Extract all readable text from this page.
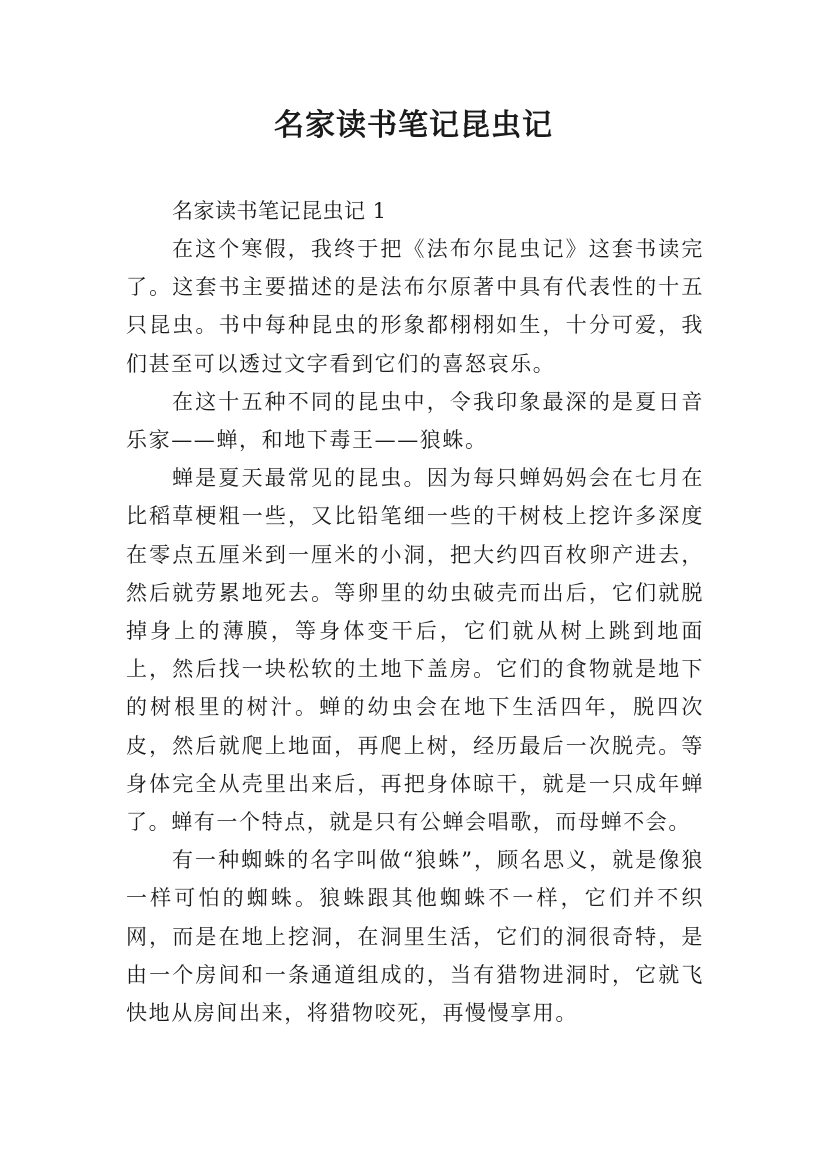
名家读书笔记昆虫记

名家读书笔记昆虫记 1

在这个寒假，我终于把《法布尔昆虫记》这套书读完了。这套书主要描述的是法布尔原著中具有代表性的十五只昆虫。书中每种昆虫的形象都栩栩如生，十分可爱，我们甚至可以透过文字看到它们的喜怒哀乐。

在这十五种不同的昆虫中，令我印象最深的是夏日音乐家——蝉，和地下毒王——狼蛛。

蝉是夏天最常见的昆虫。因为每只蝉妈妈会在七月在比稻草梗粗一些，又比铅笔细一些的干树枝上挖许多深度在零点五厘米到一厘米的小洞，把大约四百枚卵产进去，然后就劳累地死去。等卵里的幼虫破壳而出后，它们就脱掉身上的薄膜，等身体变干后，它们就从树上跳到地面上，然后找一块松软的土地下盖房。它们的食物就是地下的树根里的树汁。蝉的幼虫会在地下生活四年，脱四次皮，然后就爬上地面，再爬上树，经历最后一次脱壳。等身体完全从壳里出来后，再把身体晾干，就是一只成年蝉了。蝉有一个特点，就是只有公蝉会唱歌，而母蝉不会。

有一种蜘蛛的名字叫做“狼蛛”，顾名思义，就是像狼一样可怕的蜘蛛。狼蛛跟其他蜘蛛不一样，它们并不织网，而是在地上挖洞，在洞里生活，它们的洞很奇特，是由一个房间和一条通道组成的，当有猎物进洞时，它就飞快地从房间出来，将猎物咬死，再慢慢享用。
